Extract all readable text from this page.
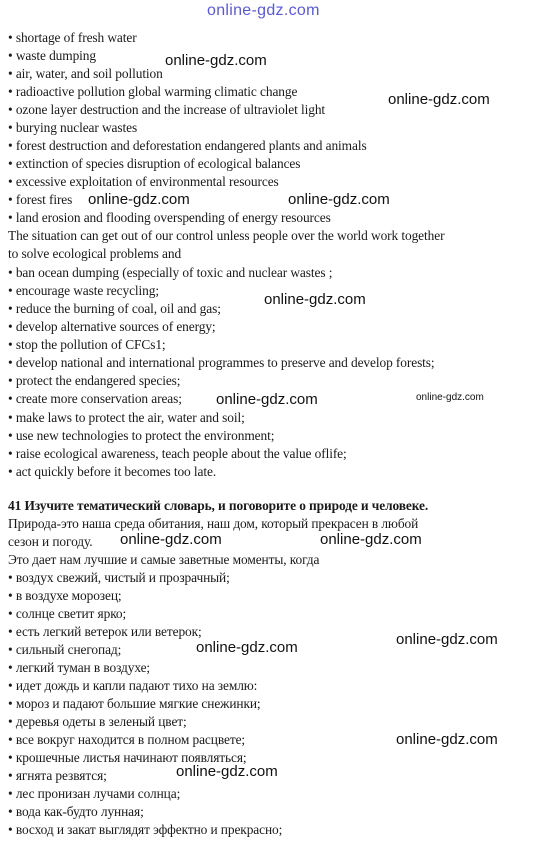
• shortage of fresh water
• waste dumping
• air, water, and soil pollution
• radioactive pollution global warming climatic change
• ozone layer destruction and the increase of ultraviolet light
• burying nuclear wastes
• forest destruction and deforestation endangered plants and animals
• extinction of species disruption of ecological balances
• excessive exploitation of environmental resources
• forest fires
• land erosion and flooding overspending of energy resources
The situation can get out of our control unless people over the world work together
to solve ecological problems and
• ban ocean dumping (especially of toxic and nuclear wastes ;
• encourage waste recycling;
• reduce the burning of coal, oil and gas;
• develop alternative sources of energy;
• stop the pollution of CFCs1;
• develop national and international programmes to preserve and develop forests;
• protect the endangered species;
• create more conservation areas;
• make laws to protect the air, water and soil;
• use new technologies to protect the environment;
• raise ecological awareness, teach people about the value oflife;
• act quickly before it becomes too late.
41 Изучите тематический словарь, и поговорите о природе и человеке.
Природа-это наша среда обитания, наш дом, который прекрасен в любой
сезон и погоду.
Это дает нам лучшие и самые заветные моменты, когда
• воздух свежий, чистый и прозрачный;
• в воздухе морозец;
• солнце светит ярко;
• есть легкий ветерок или ветерок;
• сильный снегопад;
• легкий туман в воздухе;
• идет дождь и капли падают тихо на землю:
• мороз и падают большие мягкие снежинки;
• деревья одеты в зеленый цвет;
• все вокруг находится в полном расцвете;
• крошечные листья начинают появляться;
• ягнята резвятся;
• лес пронизан лучами солнца;
• вода как-будто лунная;
• восход и закат выглядят эффектно и прекрасно;
online-gdz.com
online-gdz.com
online-gdz.com
online-gdz.com	online-gdz.com
online-gdz.com
online-gdz.com
online-gdz.com
online-gdz.com	online-gdz.com
online-gdz.com
online-gdz.com
online-gdz.com
online-gdz.com
